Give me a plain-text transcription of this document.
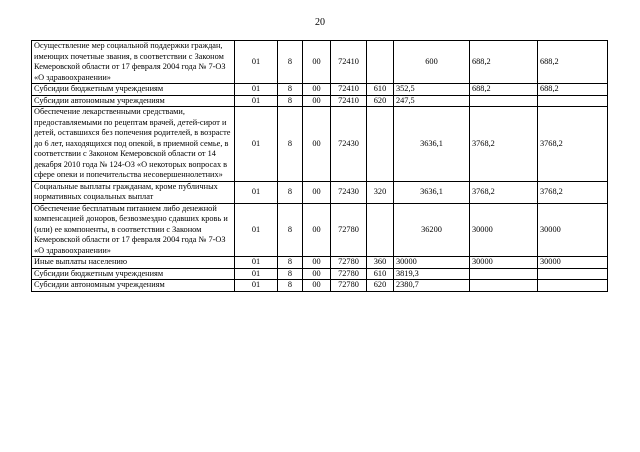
20
Осуществление мер социальной поддержки граждан, имеющих почетные звания, в соответствии с Законом Кемеровской области от 17 февраля 2004 года № 7-ОЗ «О здравоохранении»	01	8	00	72410		600	688,2	688,2
Субсидии бюджетным учреждениям	01	8	00	72410	610	352,5	688,2	688,2
Субсидии автономным учреждениям	01	8	00	72410	620	247,5		
Обеспечение лекарственными средствами, предоставляемыми по рецептам врачей, детей-сирот и детей, оставшихся без попечения родителей, в возрасте до 6 лет, находящихся под опекой, в приемной семье, в соответствии с Законом Кемеровской области от 14 декабря 2010 года № 124-ОЗ «О некоторых вопросах в сфере опеки и попечительства несовершеннолетних»	01	8	00	72430		3636,1	3768,2	3768,2
Социальные выплаты гражданам, кроме публичных нормативных социальных выплат	01	8	00	72430	320	3636,1	3768,2	3768,2
Обеспечение бесплатным питанием либо денежной компенсацией доноров, безвозмездно сдавших кровь и (или) ее компоненты, в соответствии с Законом Кемеровской области от 17 февраля 2004 года № 7-ОЗ «О здравоохранении»	01	8	00	72780		36200	30000	30000
Иные выплаты населению	01	8	00	72780	360	30000	30000	30000
Субсидии бюджетным учреждениям	01	8	00	72780	610	3819,3		
Субсидии автономным учреждениям	01	8	00	72780	620	2380,7		
